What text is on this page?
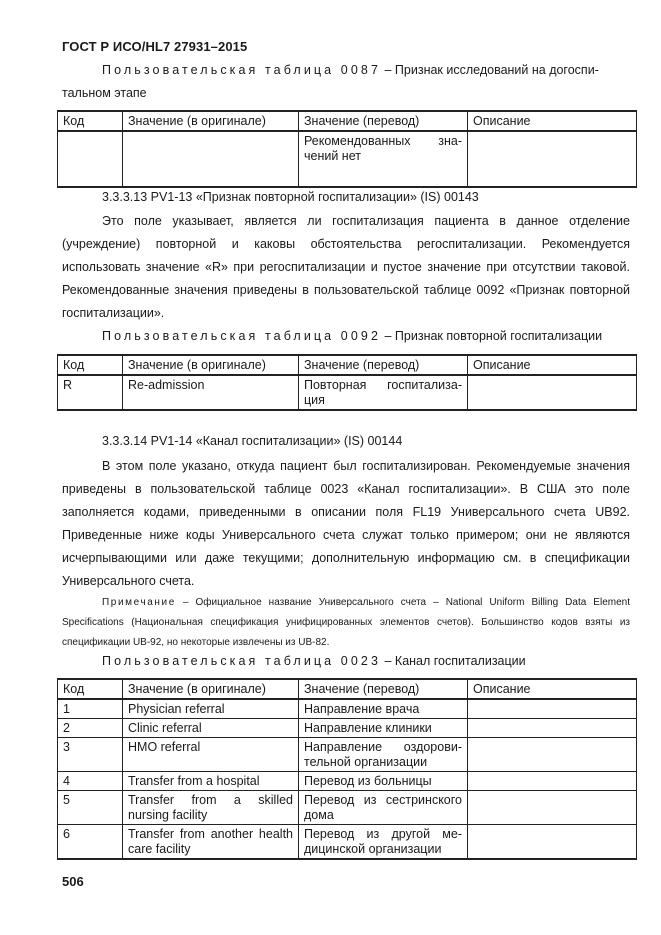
ГОСТ Р ИСО/HL7 27931–2015
Пользовательская таблица 0087 – Признак исследований на догоспи-
тальном этапе
Код	Значение (в оригинале)	Значение (перевод)	Описание
		Рекомендованных зна-чений нет	
3.3.3.13 PV1-13 «Признак повторной госпитализации» (IS) 00143
Это поле указывает, является ли госпитализация пациента в данное отделение (учреждение) повторной и каковы обстоятельства регоспитализации. Рекомендуется использовать значение «R» при регоспитализации и пустое значение при отсутствии таковой. Рекомендованные значения приведены в пользовательской таблице 0092 «Признак повторной госпитализации».
Пользовательская таблица 0092 – Признак повторной госпитализации
Код	Значение (в оригинале)	Значение (перевод)	Описание
R	Re-admission	Повторная госпитализа-ция	
3.3.3.14 PV1-14 «Канал госпитализации» (IS) 00144
В этом поле указано, откуда пациент был госпитализирован. Рекомендуемые значения приведены в пользовательской таблице 0023 «Канал госпитализации». В США это поле заполняется кодами, приведенными в описании поля FL19 Универсального счета UB92. Приведенные ниже коды Универсального счета служат только примером; они не являются исчерпывающими или даже текущими; дополнительную информацию см. в спецификации Универсального счета.
Примечание – Официальное название Универсального счета – National Uniform Billing Data Element Specifications (Национальная спецификация унифицированных элементов счетов). Большинство кодов взяты из спецификации UB-92, но некоторые извлечены из UB-82.
Пользовательская таблица 0023 – Канал госпитализации
Код	Значение (в оригинале)	Значение (перевод)	Описание
1	Physician referral	Направление врача	
2	Clinic referral	Направление клиники	
3	HMO referral	Направление оздорови-тельной организации	
4	Transfer from a hospital	Перевод из больницы	
5	Transfer from a skilled nursing facility	Перевод из сестринского дома	
6	Transfer from another health care facility	Перевод из другой ме-дицинской организации	
506
